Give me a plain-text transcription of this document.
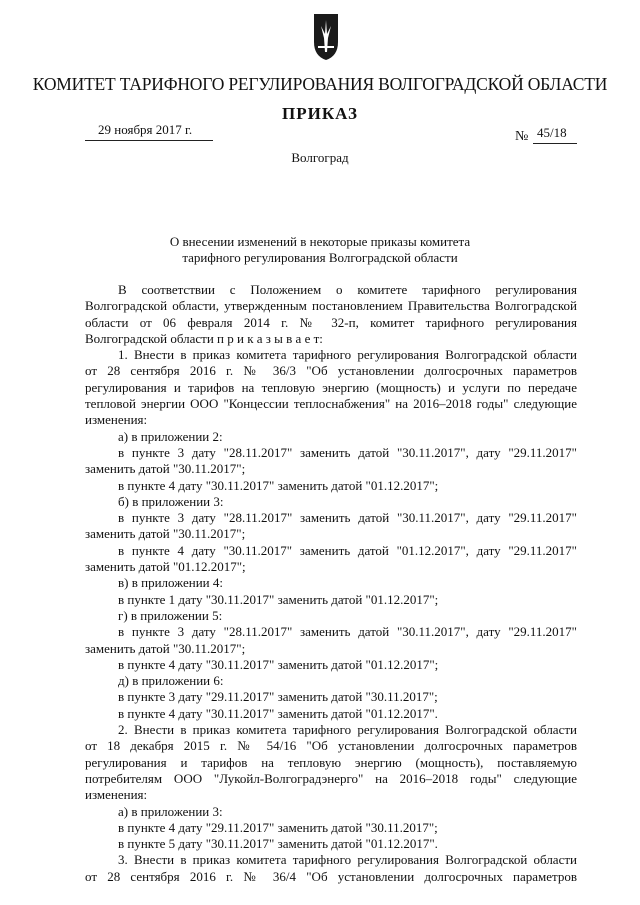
КОМИТЕТ ТАРИФНОГО РЕГУЛИРОВАНИЯ ВОЛГОГРАДСКОЙ ОБЛАСТИ
ПРИКАЗ
29 ноября 2017 г.	№ 45/18
Волгоград
О внесении изменений в некоторые приказы комитета
тарифного регулирования Волгоградской области
В соответствии с Положением о комитете тарифного регулирования
Волгоградской области, утвержденным постановлением Правительства Волгоградской
области от 06 февраля 2014 г. № 32-п, комитет тарифного регулирования
Волгоградской области п р и к а з ы в а е т:
1. Внести в приказ комитета тарифного регулирования Волгоградской области
от 28 сентября 2016 г. № 36/3 "Об установлении долгосрочных параметров
регулирования и тарифов на тепловую энергию (мощность) и услуги по передаче
тепловой энергии ООО "Концессии теплоснабжения" на 2016–2018 годы" следующие
изменения:
а) в приложении 2:
в пункте 3 дату "28.11.2017" заменить датой "30.11.2017", дату "29.11.2017"
заменить датой "30.11.2017";
в пункте 4 дату "30.11.2017" заменить датой "01.12.2017";
б) в приложении 3:
в пункте 3 дату "28.11.2017" заменить датой "30.11.2017", дату "29.11.2017"
заменить датой "30.11.2017";
в пункте 4 дату "30.11.2017" заменить датой "01.12.2017", дату "29.11.2017"
заменить датой "01.12.2017";
в) в приложении 4:
в пункте 1 дату "30.11.2017" заменить датой "01.12.2017";
г) в приложении 5:
в пункте 3 дату "28.11.2017" заменить датой "30.11.2017", дату "29.11.2017"
заменить датой "30.11.2017";
в пункте 4 дату "30.11.2017" заменить датой "01.12.2017";
д) в приложении 6:
в пункте 3 дату "29.11.2017" заменить датой "30.11.2017";
в пункте 4 дату "30.11.2017" заменить датой "01.12.2017".
2. Внести в приказ комитета тарифного регулирования Волгоградской области
от 18 декабря 2015 г. № 54/16 "Об установлении долгосрочных параметров
регулирования и тарифов на тепловую энергию (мощность), поставляемую
потребителям ООО "Лукойл-Волгоградэнерго" на 2016–2018 годы" следующие
изменения:
а) в приложении 3:
в пункте 4 дату "29.11.2017" заменить датой "30.11.2017";
в пункте 5 дату "30.11.2017" заменить датой "01.12.2017".
3. Внести в приказ комитета тарифного регулирования Волгоградской области
от 28 сентября 2016 г. № 36/4 "Об установлении долгосрочных параметров
